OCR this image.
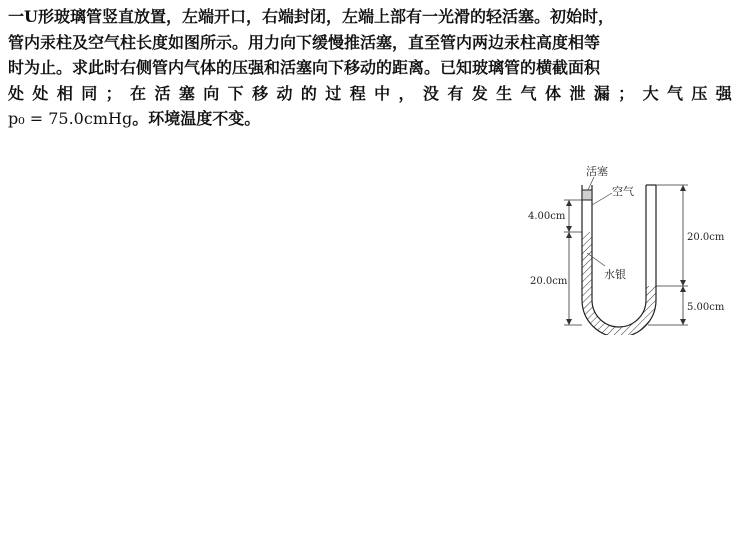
一U形玻璃管竖直放置，左端开口，右端封闭，左端上部有一光滑的轻活塞。初始时，

管内汞柱及空气柱长度如图所示。用力向下缓慢推活塞，直至管内两边汞柱高度相等

时为止。求此时右侧管内气体的压强和活塞向下移动的距离。已知玻璃管的横截面积

处 处 相 同 ； 在 活 塞 向 下 移 动 的 过 程 中 ， 没 有 发 生 气 体 泄 漏 ； 大 气 压 强

p₀ = 75.0cmHg。环境温度不变。

活塞
空气
水银
4.00cm
20.0cm
20.0cm
5.00cm
